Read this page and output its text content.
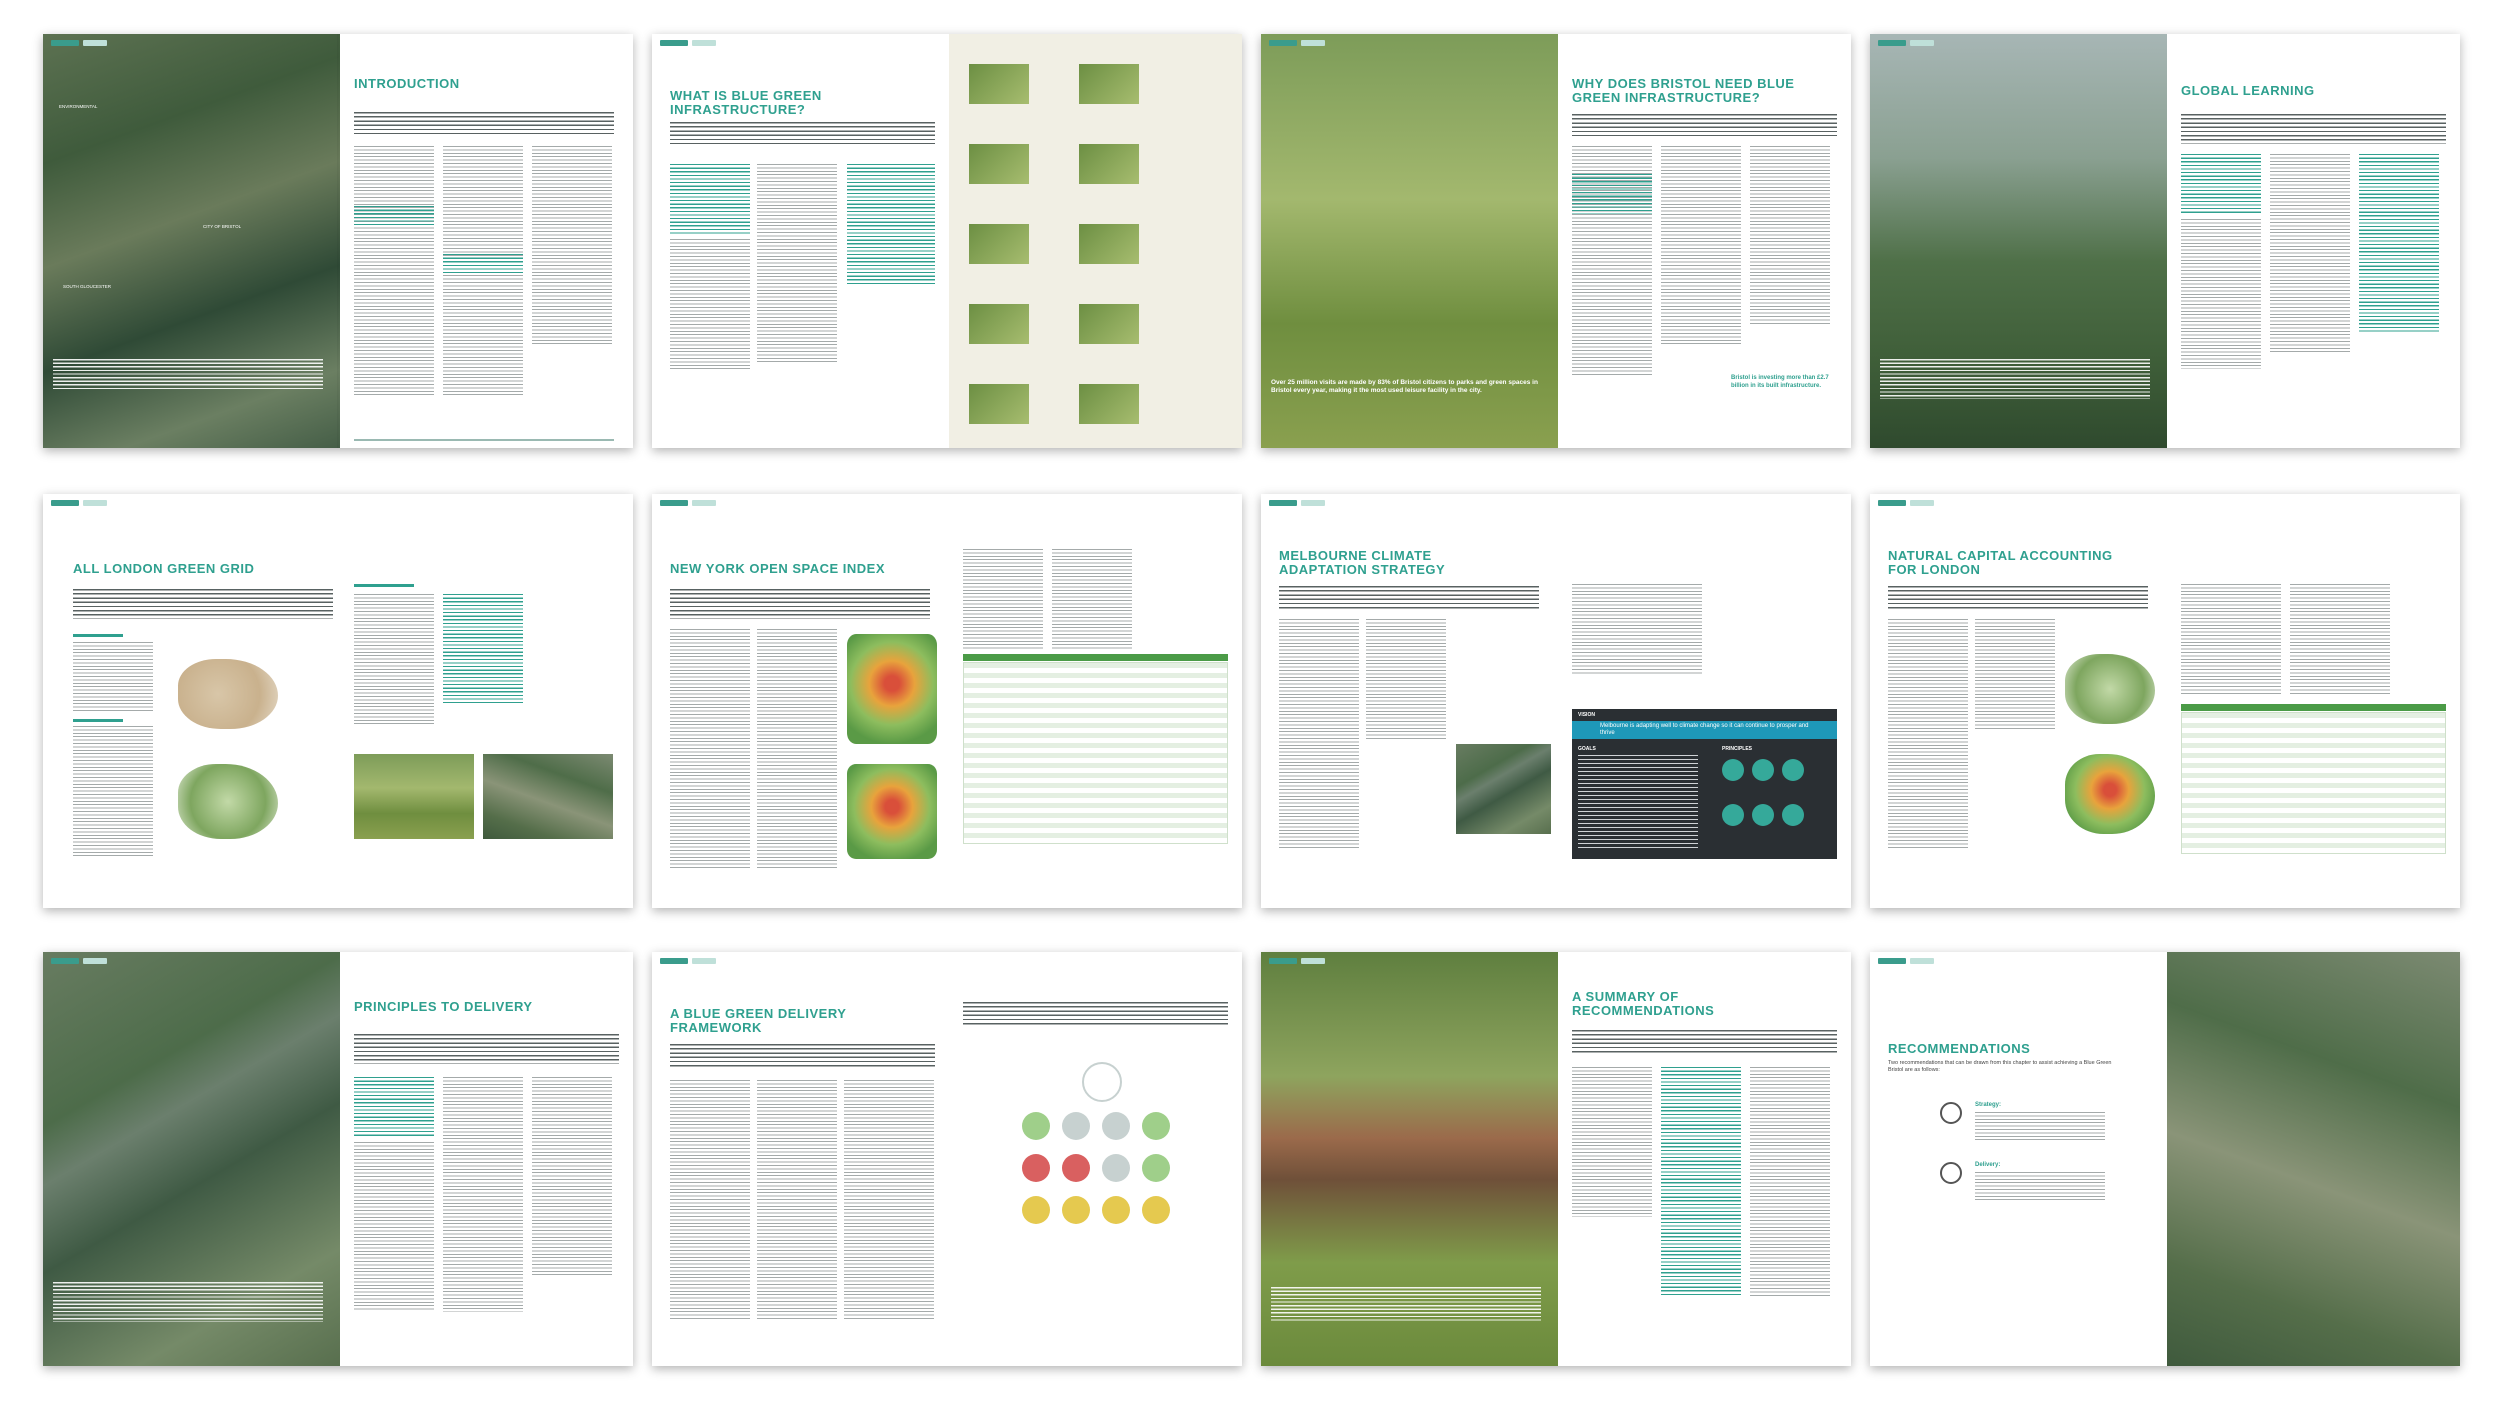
ENVIRONMENTAL
CITY OF BRISTOL
SOUTH GLOUCESTER
INTRODUCTION
WHAT IS BLUE GREEN INFRASTRUCTURE?
Over 25 million visits are made by 83% of Bristol citizens to parks and green spaces in Bristol every year, making it the most used leisure facility in the city.
WHY DOES BRISTOL NEED BLUE GREEN INFRASTRUCTURE?
Bristol is investing more than £2.7 billion in its built infrastructure.
GLOBAL LEARNING
ALL LONDON GREEN GRID	NEW YORK OPEN SPACE INDEX
MELBOURNE CLIMATE ADAPTATION STRATEGY
VISION
Melbourne is adapting well to climate change so it can continue to prosper and thrive
GOALS	PRINCIPLES
NATURAL CAPITAL ACCOUNTING FOR LONDON
PRINCIPLES TO DELIVERY	A BLUE GREEN DELIVERY FRAMEWORK
A SUMMARY OF RECOMMENDATIONS
RECOMMENDATIONS
Two recommendations that can be drawn from this chapter to assist achieving a Blue Green Bristol are as follows:
Strategy:
Delivery:
